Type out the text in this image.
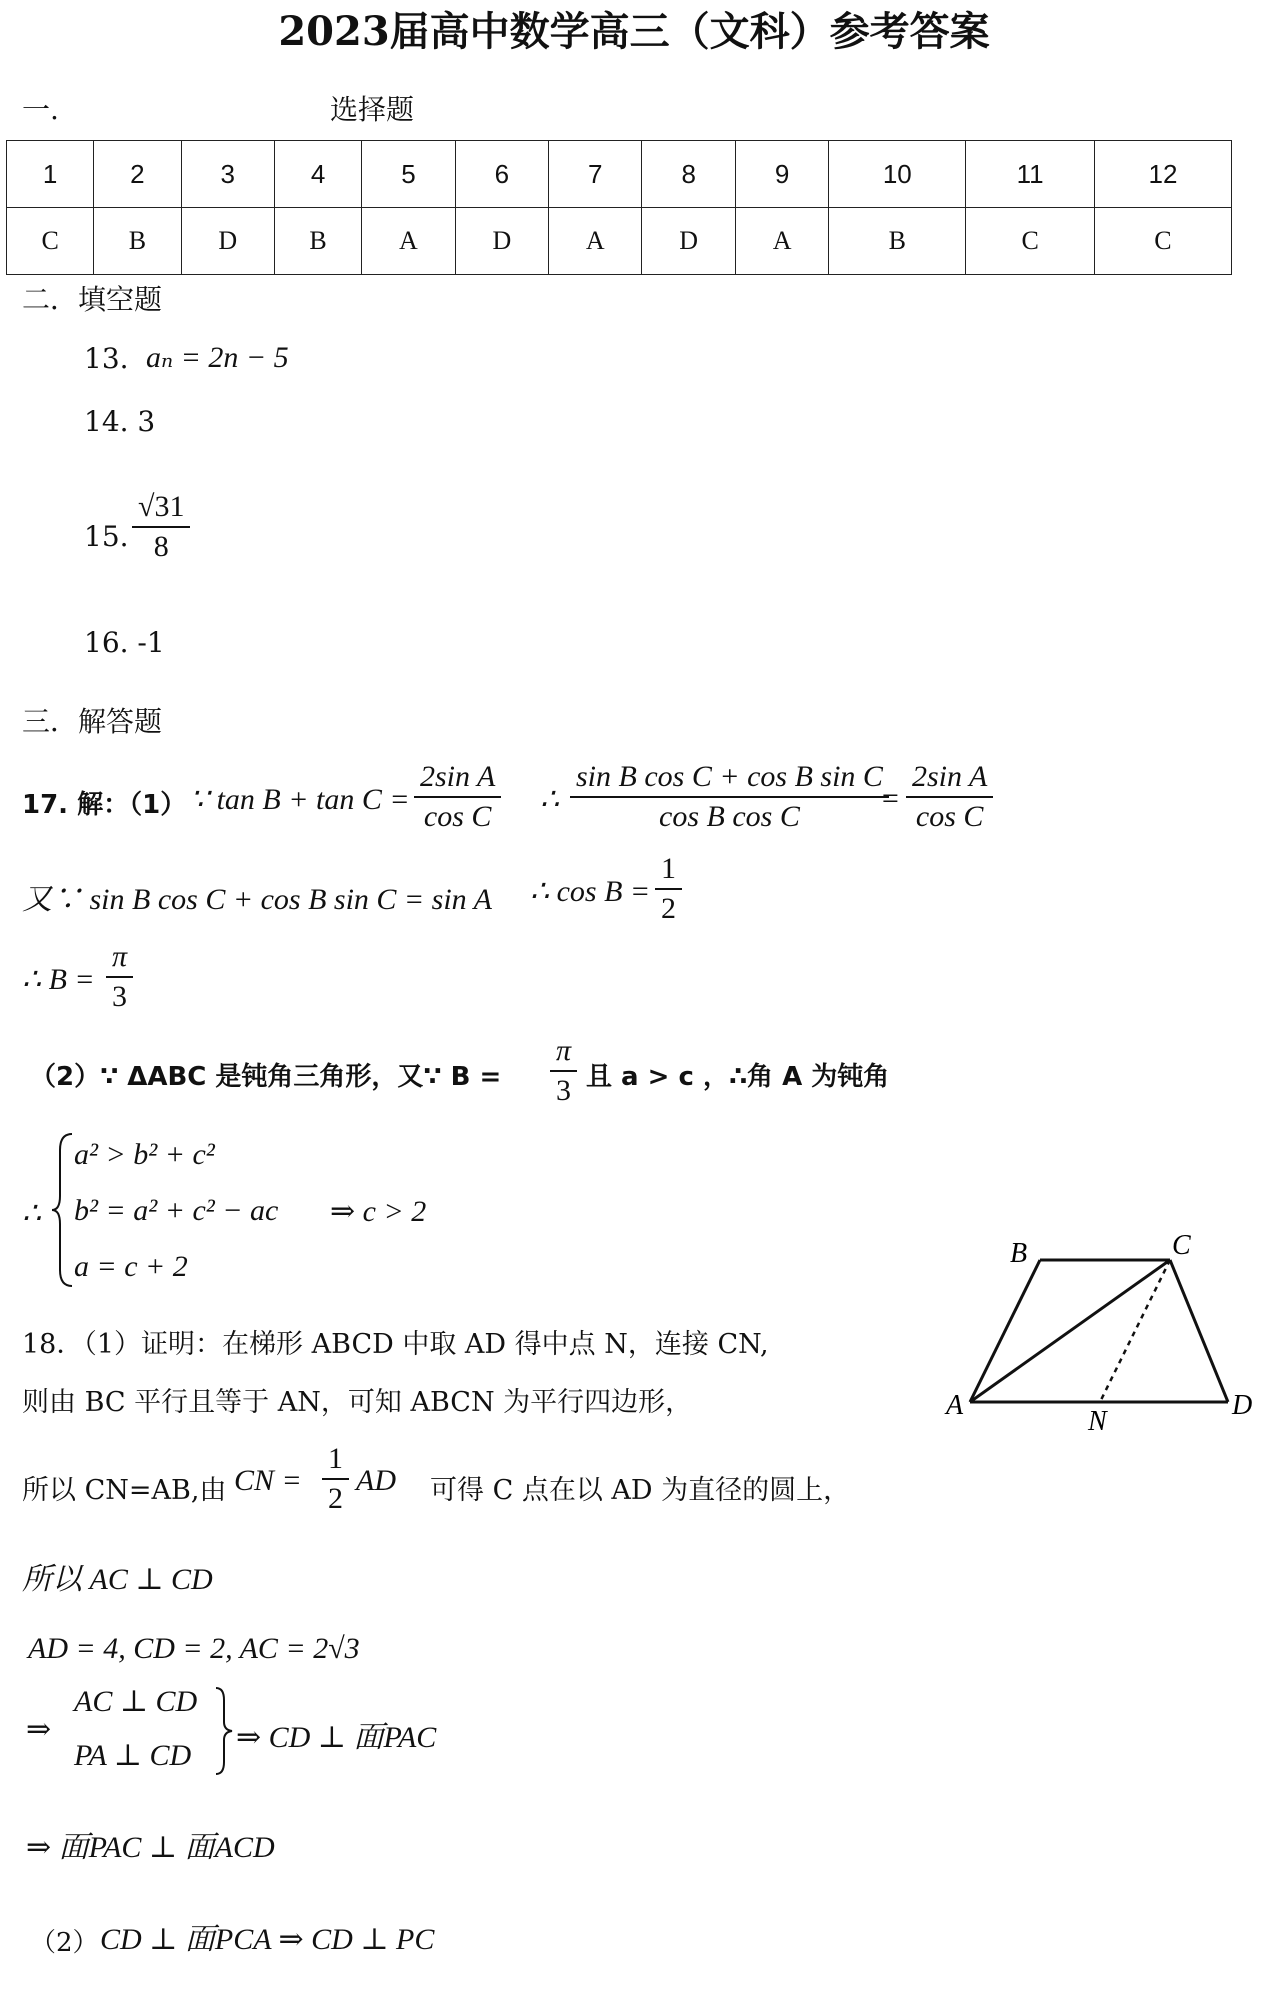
2023届高中数学高三（文科）参考答案
一.	选择题
1	2	3	4	5	6	7	8	9	10	11	12
C	B	D	B	A	D	A	D	A	B	C	C
二．填空题
13. aₙ = 2n − 5
14. 3
15. $\frac{√31}{8}$
16. -1
三．解答题
17. 解：（1） ∵ $\tan B + \tan C = \frac{\text{2sin A}}{\text{cos C}}$ ∴ $\frac{\text{sin B cos C + cos B sin C}}{\text{cos B cos C}}$
= $\frac{\text{2sin A}}{\text{cos C}}$
又∵ sin B cos C + cos B sin C = sin A ∴ $\cos B = \frac{1}{2}$
∴ $B = \frac{\pi}{3}$
（2）∵ ΔABC 是钝角三角形，又∵ $B = \frac{\pi}{3}$ 且 a > c ，∴角 A 为钝角
∴
a² > b² + c²
b² = a² + c² − ac
a = c + 2
⇒ c > 2
B	C
A
N
D
18．（1）证明：在梯形 ABCD 中取 AD 得中点 N，连接 CN,
则由 BC 平行且等于 AN，可知 ABCN 为平行四边形，
所以 CN=AB,由 CN = $\frac{1}{2}$ AD 可得 C 点在以 AD 为直径的圆上，
所以 AC ⊥ CD
AD = 4, CD = 2, AC = 2√3
⇒
AC ⊥ CD
PA ⊥ CD
⇒ CD ⊥ 面PAC
⇒ 面PAC ⊥ 面ACD
（2） CD ⊥ 面PCA ⇒ CD ⊥ PC
